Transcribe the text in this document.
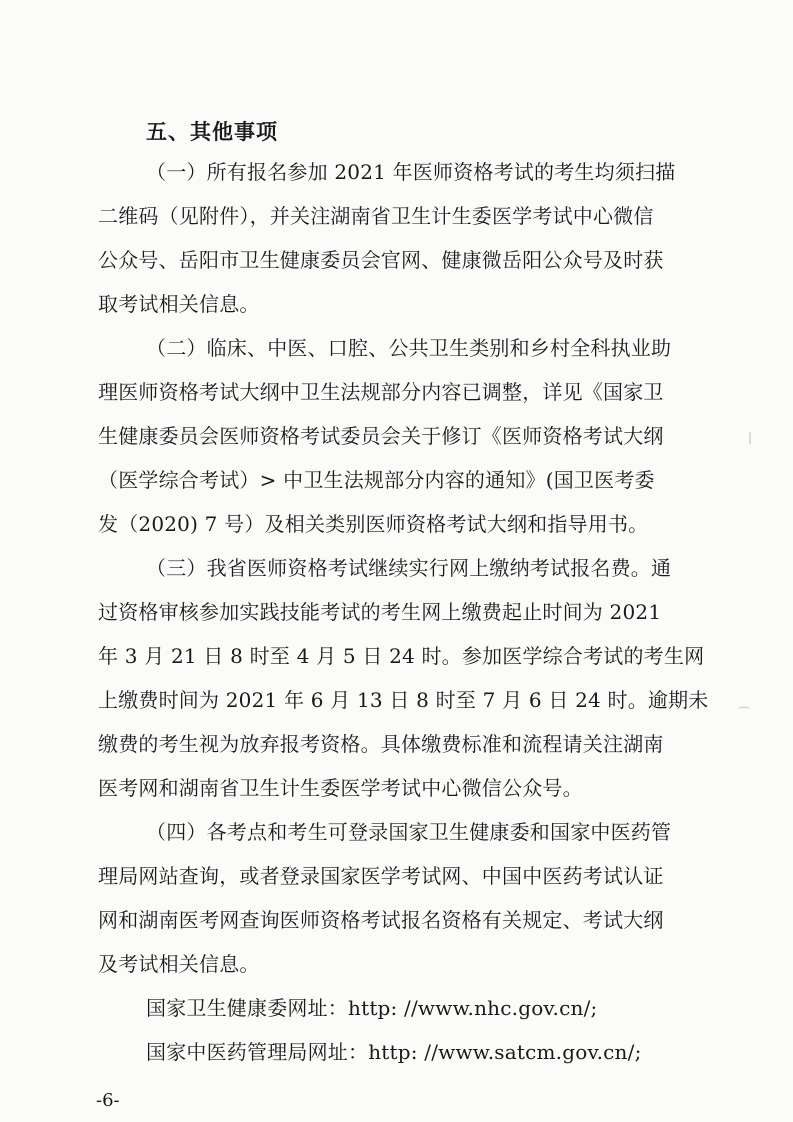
五、其他事项
（一）所有报名参加 2021 年医师资格考试的考生均须扫描
二维码（见附件），并关注湖南省卫生计生委医学考试中心微信
公众号、岳阳市卫生健康委员会官网、健康微岳阳公众号及时获
取考试相关信息。
（二）临床、中医、口腔、公共卫生类别和乡村全科执业助
理医师资格考试大纲中卫生法规部分内容已调整，详见《国家卫
生健康委员会医师资格考试委员会关于修订《医师资格考试大纲
（医学综合考试）> 中卫生法规部分内容的通知》(国卫医考委
发（2020) 7 号）及相关类别医师资格考试大纲和指导用书。
（三）我省医师资格考试继续实行网上缴纳考试报名费。通
过资格审核参加实践技能考试的考生网上缴费起止时间为 2021
年 3 月 21 日 8 时至 4 月 5 日 24 时。参加医学综合考试的考生网
上缴费时间为 2021 年 6 月 13 日 8 时至 7 月 6 日 24 时。逾期未
缴费的考生视为放弃报考资格。具体缴费标准和流程请关注湖南
医考网和湖南省卫生计生委医学考试中心微信公众号。
（四）各考点和考生可登录国家卫生健康委和国家中医药管
理局网站查询，或者登录国家医学考试网、中国中医药考试认证
网和湖南医考网查询医师资格考试报名资格有关规定、考试大纲
及考试相关信息。
国家卫生健康委网址：http: //www.nhc.gov.cn/;
国家中医药管理局网址：http: //www.satcm.gov.cn/;
-6-
|
⌒
